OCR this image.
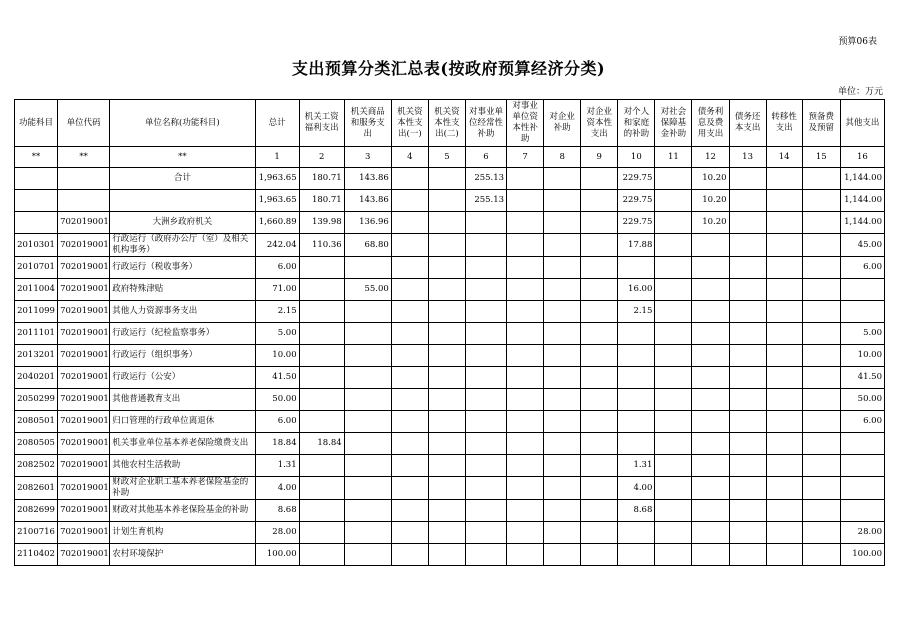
预算06表
支出预算分类汇总表(按政府预算经济分类)
单位：万元
功能科目	单位代码	单位名称(功能科目)	总计	机关工资福利支出	机关商品和服务支出	机关资本性支出(一)	机关资本性支出(二)	对事业单位经常性补助	对事业单位资本性补助	对企业补助	对企业资本性支出	对个人和家庭的补助	对社会保障基金补助	债务利息及费用支出	债务还本支出	转移性支出	预备费及预留	其他支出
**	**	**	1	2	3	4	5	6	7	8	9	10	11	12	13	14	15	16
		合计	1,963.65	180.71	143.86			255.13				229.75		10.20				1,144.00
			1,963.65	180.71	143.86			255.13				229.75		10.20				1,144.00
	702019001	大洲乡政府机关	1,660.89	139.98	136.96							229.75		10.20				1,144.00
2010301	702019001	行政运行（政府办公厅（室）及相关机构事务）	242.04	110.36	68.80							17.88						45.00
2010701	702019001	行政运行（税收事务）	6.00															6.00
2011004	702019001	政府特殊津贴	71.00		55.00							16.00						
2011099	702019001	其他人力资源事务支出	2.15									2.15						
2011101	702019001	行政运行（纪检监察事务）	5.00															5.00
2013201	702019001	行政运行（组织事务）	10.00															10.00
2040201	702019001	行政运行（公安）	41.50															41.50
2050299	702019001	其他普通教育支出	50.00															50.00
2080501	702019001	归口管理的行政单位离退休	6.00															6.00
2080505	702019001	机关事业单位基本养老保险缴费支出	18.84	18.84														
2082502	702019001	其他农村生活救助	1.31									1.31						
2082601	702019001	财政对企业职工基本养老保险基金的补助	4.00									4.00						
2082699	702019001	财政对其他基本养老保险基金的补助	8.68									8.68						
2100716	702019001	计划生育机构	28.00															28.00
2110402	702019001	农村环境保护	100.00															100.00
